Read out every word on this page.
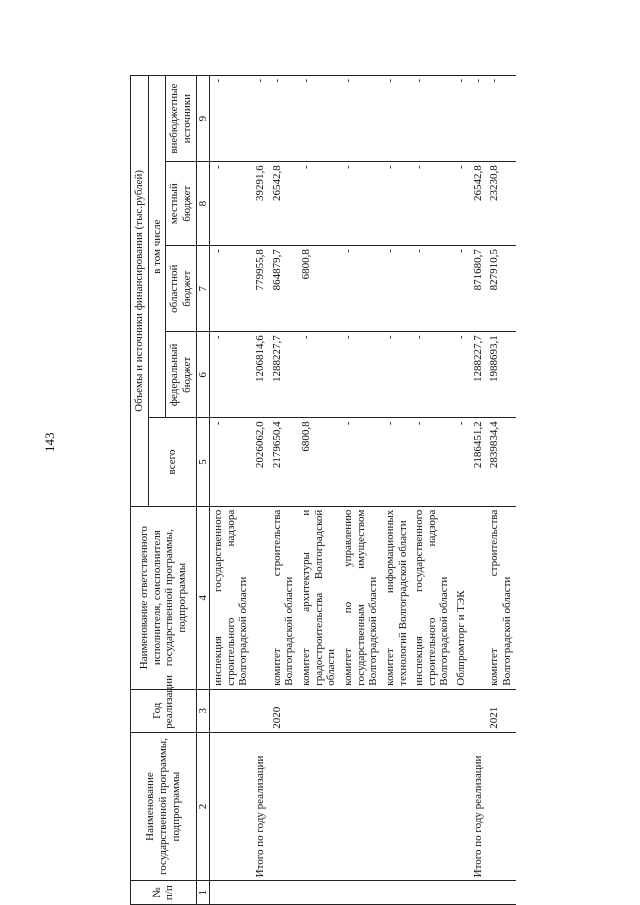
143
№ п/п	Наименование государственной программы, подпрограммы	Год реализации	Наименование ответственного исполнителя, соисполнителя государственной программы, подпрограммы	Объемы и источники финансирования (тыс.рублей)				
				всего	в том числе			
					федеральный бюджет	областной бюджет	местный бюджет	внебюджетные источники
1	2	3	4	5	6	7	8	9
			инспекция государственного строительного надзора Волгоградской области	-	-	-	-	-
	Итого по году реализации			2026062,0	1206814,6	779955,8	39291,6	-
		2020	комитет строительства Волгоградской области	2179650,4	1288227,7	864879,7	26542,8	-
			комитет архитектуры и градостроительства Волгоградской области	6800,8	-	6800,8	-	-
			комитет по управлению государственным имуществом Волгоградской области	-	-	-	-	-
			комитет информационных технологий Волгоградской области	-	-	-	-	-
			инспекция государственного строительного надзора Волгоградской области	-	-	-	-	-
			Облпромторг и ТЭК	-	-	-	-	-
	Итого по году реализации			2186451,2	1288227,7	871680,7	26542,8	-
		2021	комитет строительства Волгоградской области	2839834,4	1988693,1	827910,5	23230,8	-
